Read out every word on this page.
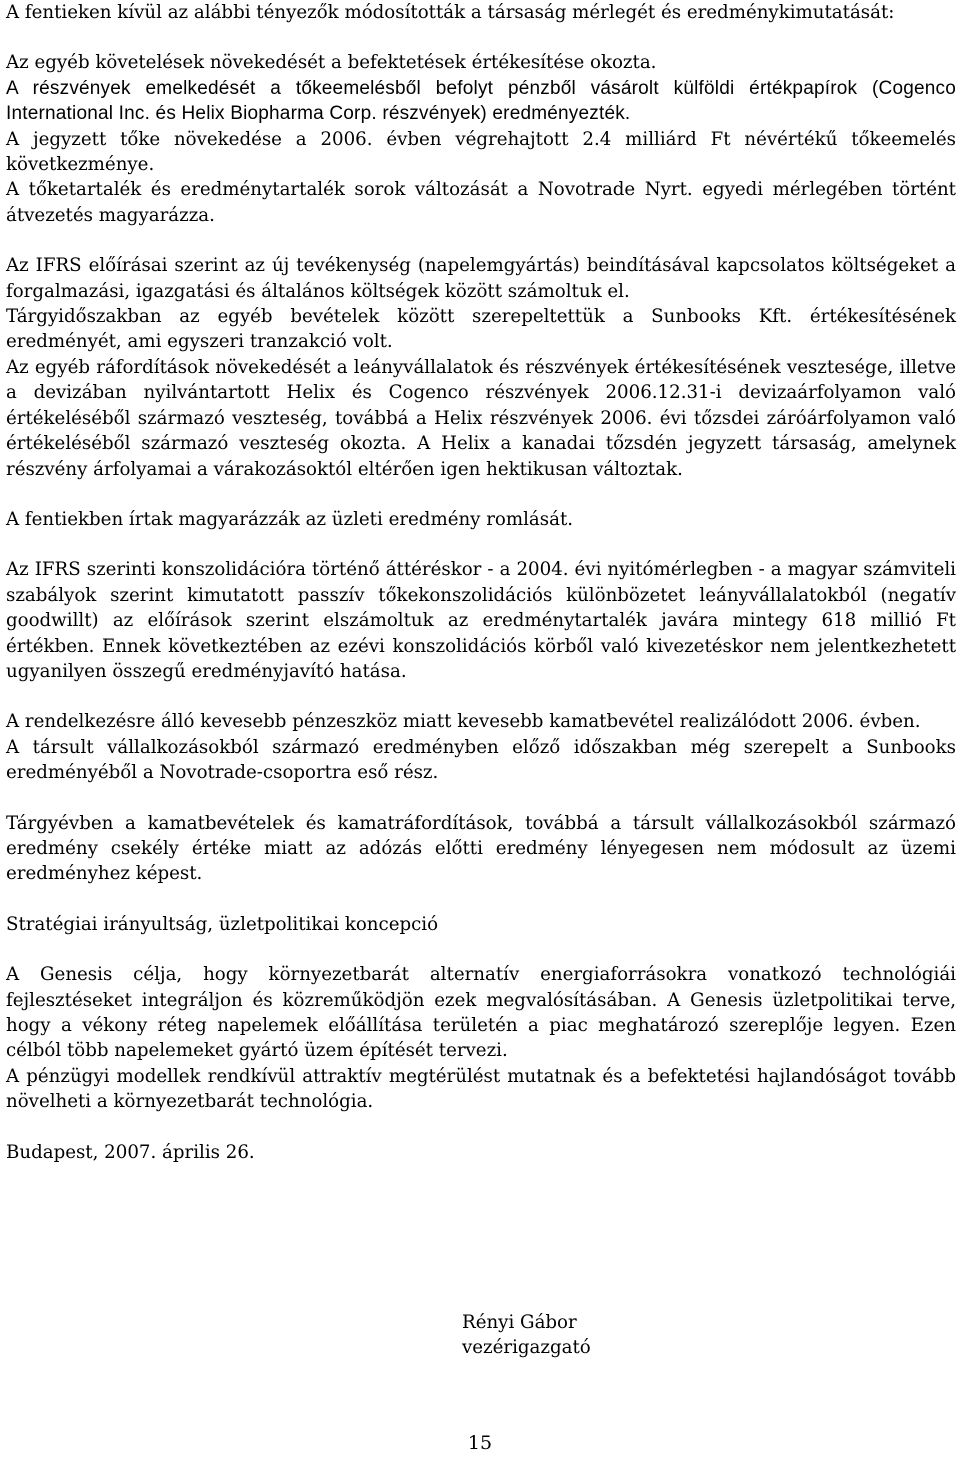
A fentieken kívül az alábbi tényezők módosították a társaság mérlegét és eredménykimutatását:

Az egyéb követelések növekedését a befektetések értékesítése okozta.

A részvények emelkedését a tőkeemelésből befolyt pénzből vásárolt külföldi értékpapírok (Cogenco International Inc. és Helix Biopharma Corp. részvények) eredményezték.

A jegyzett tőke növekedése a 2006. évben végrehajtott 2.4 milliárd Ft névértékű tőkeemelés következménye.

A tőketartalék és eredménytartalék sorok változását a Novotrade Nyrt. egyedi mérlegében történt átvezetés magyarázza.

Az IFRS előírásai szerint az új tevékenység (napelemgyártás) beindításával kapcsolatos költségeket a forgalmazási, igazgatási és általános költségek között számoltuk el.

Tárgyidőszakban az egyéb bevételek között szerepeltettük a Sunbooks Kft. értékesítésének eredményét, ami egyszeri tranzakció volt.

Az egyéb ráfordítások növekedését a leányvállalatok és részvények értékesítésének vesztesége, illetve a devizában nyilvántartott Helix és Cogenco részvények 2006.12.31-i devizaárfolyamon való értékeléséből származó veszteség, továbbá a Helix részvények 2006. évi tőzsdei záróárfolyamon való értékeléséből származó veszteség okozta. A Helix a kanadai tőzsdén jegyzett társaság, amelynek részvény árfolyamai a várakozásoktól eltérően igen hektikusan változtak.

A fentiekben írtak magyarázzák az üzleti eredmény romlását.

Az IFRS szerinti konszolidációra történő áttéréskor - a 2004. évi nyitómérlegben - a magyar számviteli szabályok szerint kimutatott passzív tőkekonszolidációs különbözetet leányvállalatokból (negatív goodwillt) az előírások szerint elszámoltuk az eredménytartalék javára mintegy 618 millió Ft értékben. Ennek következtében az ezévi konszolidációs körből való kivezetéskor nem jelentkezhetett ugyanilyen összegű eredményjavító hatása.

A rendelkezésre álló kevesebb pénzeszköz miatt kevesebb kamatbevétel realizálódott 2006. évben.

A társult vállalkozásokból származó eredményben előző időszakban még szerepelt a Sunbooks eredményéből a Novotrade-csoportra eső rész.

Tárgyévben a kamatbevételek és kamatráfordítások, továbbá a társult vállalkozásokból származó eredmény csekély értéke miatt az adózás előtti eredmény lényegesen nem módosult az üzemi eredményhez képest.

Stratégiai irányultság, üzletpolitikai koncepció

A Genesis célja, hogy környezetbarát alternatív energiaforrásokra vonatkozó technológiái fejlesztéseket integráljon és közreműködjön ezek megvalósításában. A Genesis üzletpolitikai terve, hogy a vékony réteg napelemek előállítása területén a piac meghatározó szereplője legyen. Ezen célból több napelemeket gyártó üzem építését tervezi.

A pénzügyi modellek rendkívül attraktív megtérülést mutatnak és a befektetési hajlandóságot tovább növelheti a környezetbarát technológia.

Budapest, 2007. április 26.

Rényi Gábor
vezérigazgató
15
